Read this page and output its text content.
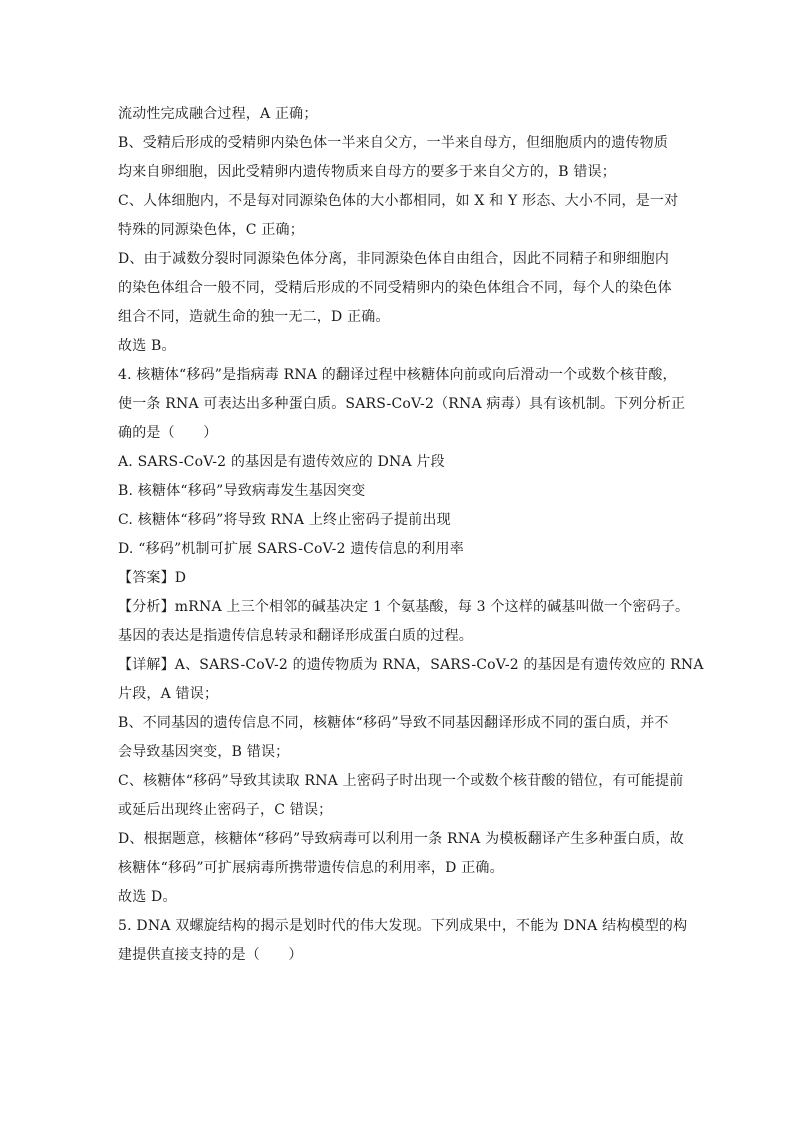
流动性完成融合过程，A 正确；
B、受精后形成的受精卵内染色体一半来自父方，一半来自母方，但细胞质内的遗传物质
均来自卵细胞，因此受精卵内遗传物质来自母方的要多于来自父方的，B 错误；
C、人体细胞内，不是每对同源染色体的大小都相同，如 X 和 Y 形态、大小不同，是一对
特殊的同源染色体，C 正确；
D、由于减数分裂时同源染色体分离，非同源染色体自由组合，因此不同精子和卵细胞内
的染色体组合一般不同，受精后形成的不同受精卵内的染色体组合不同，每个人的染色体
组合不同，造就生命的独一无二，D 正确。
故选 B。
4. 核糖体“移码”是指病毒 RNA 的翻译过程中核糖体向前或向后滑动一个或数个核苷酸，
使一条 RNA 可表达出多种蛋白质。SARS-CoV-2（RNA 病毒）具有该机制。下列分析正
确的是（　　）
A. SARS-CoV-2 的基因是有遗传效应的 DNA 片段
B. 核糖体“移码”导致病毒发生基因突变
C. 核糖体“移码”将导致 RNA 上终止密码子提前出现
D. “移码”机制可扩展 SARS-CoV-2 遗传信息的利用率
【答案】D
【分析】mRNA 上三个相邻的碱基决定 1 个氨基酸，每 3 个这样的碱基叫做一个密码子。
基因的表达是指遗传信息转录和翻译形成蛋白质的过程。
【详解】A、SARS-CoV-2 的遗传物质为 RNA，SARS-CoV-2 的基因是有遗传效应的 RNA
片段，A 错误；
B、不同基因的遗传信息不同，核糖体“移码”导致不同基因翻译形成不同的蛋白质，并不
会导致基因突变，B 错误；
C、核糖体“移码”导致其读取 RNA 上密码子时出现一个或数个核苷酸的错位，有可能提前
或延后出现终止密码子，C 错误；
D、根据题意，核糖体“移码”导致病毒可以利用一条 RNA 为模板翻译产生多种蛋白质，故
核糖体“移码”可扩展病毒所携带遗传信息的利用率，D 正确。
故选 D。
5. DNA 双螺旋结构的揭示是划时代的伟大发现。下列成果中，不能为 DNA 结构模型的构
建提供直接支持的是（　　）
